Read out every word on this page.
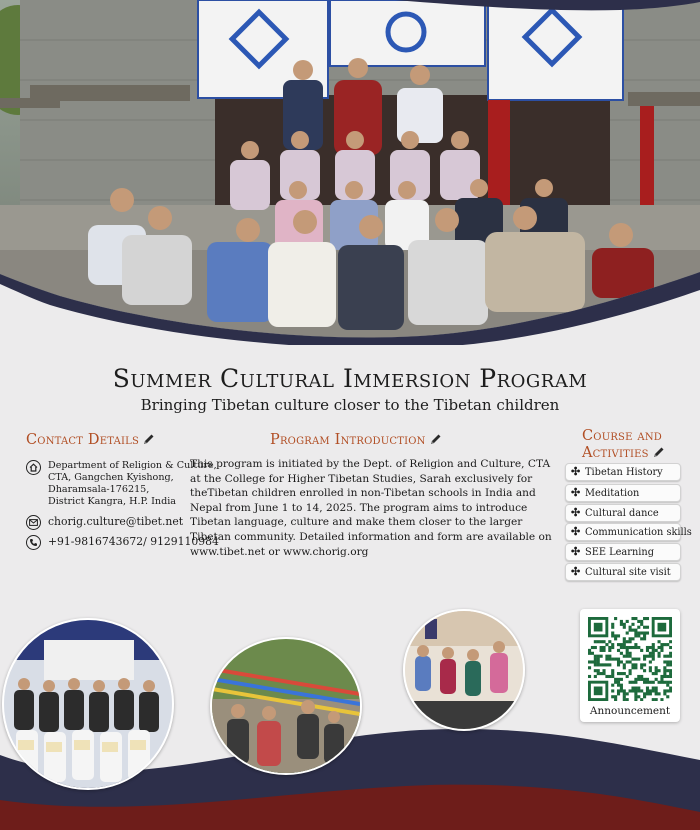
Summer Cultural Immersion Program
Bringing Tibetan culture closer to the Tibetan children
Contact Details
Department of Religion & Culture,
CTA, Gangchen Kyishong,
Dharamsala-176215,
District Kangra, H.P. India
chorig.culture@tibet.net
+91-9816743672/ 9129110984
Program Introduction
This program is initiated by the Dept. of Religion and Culture, CTA at the College for Higher Tibetan Studies, Sarah exclusively for theTibetan children enrolled in non-Tibetan schools in India and Nepal from June 1 to 14, 2025. The program aims to introduce Tibetan language, culture and make them closer to the larger Tibetan community. Detailed information and form are available on www.tibet.net or www.chorig.org
Course and
Activities
✣ Tibetan History
✣ Meditation
✣ Cultural dance
✣ Communication skills
✣ SEE Learning
✣ Cultural site visit
Announcement
